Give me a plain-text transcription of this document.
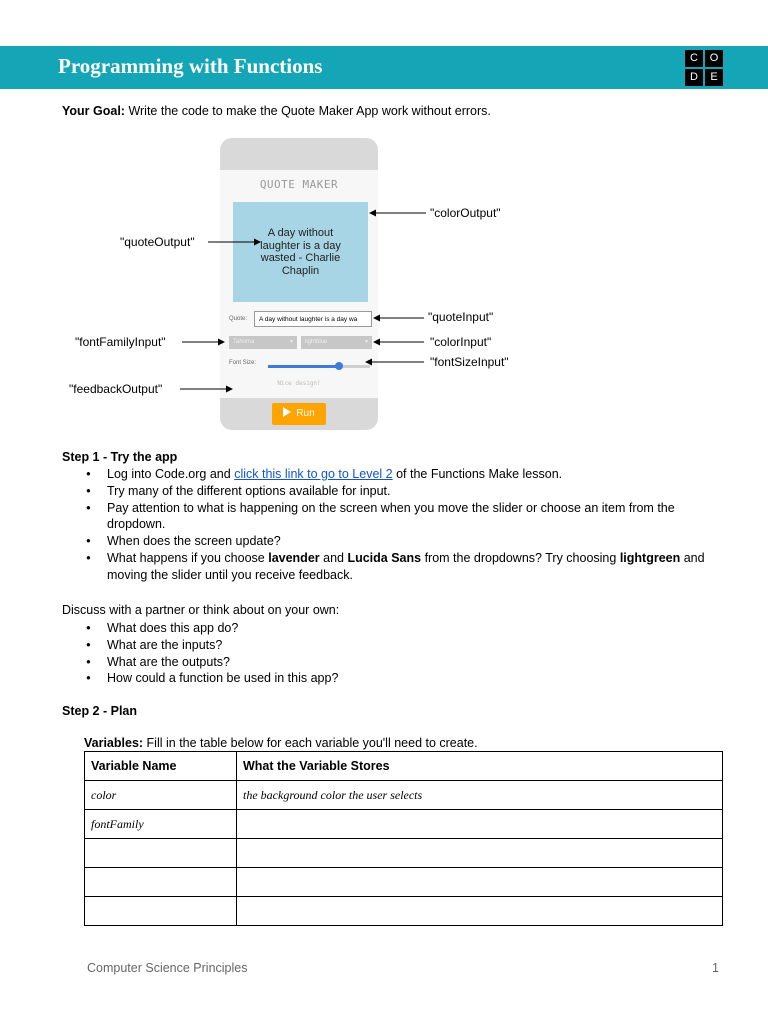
Programming with Functions	C	O
D	E
Your Goal: Write the code to make the Quote Maker App work without errors.
QUOTE MAKER
A day without laughter is a day wasted - Charlie Chaplin
Quote:	A day without laughter is a day wa
Tahoma	▼	lightblue	▼
Font Size:
Nice design!
Run
"colorOutput"
"quoteOutput"
"quoteInput"
"fontFamilyInput"	"colorInput"
"fontSizeInput"
"feedbackOutput"
Step 1 - Try the app
● Log into Code.org and click this link to go to Level 2 of the Functions Make lesson.
● Try many of the different options available for input.
● Pay attention to what is happening on the screen when you move the slider or choose an item from the dropdown.
● When does the screen update?
● What happens if you choose lavender and Lucida Sans from the dropdowns? Try choosing lightgreen and moving the slider until you receive feedback.
Discuss with a partner or think about on your own:
● What does this app do?
● What are the inputs?
● What are the outputs?
● How could a function be used in this app?
Step 2 - Plan
Variables: Fill in the table below for each variable you'll need to create.
Variable Name	What the Variable Stores
color	the background color the user selects
fontFamily	

Computer Science Principles	1
